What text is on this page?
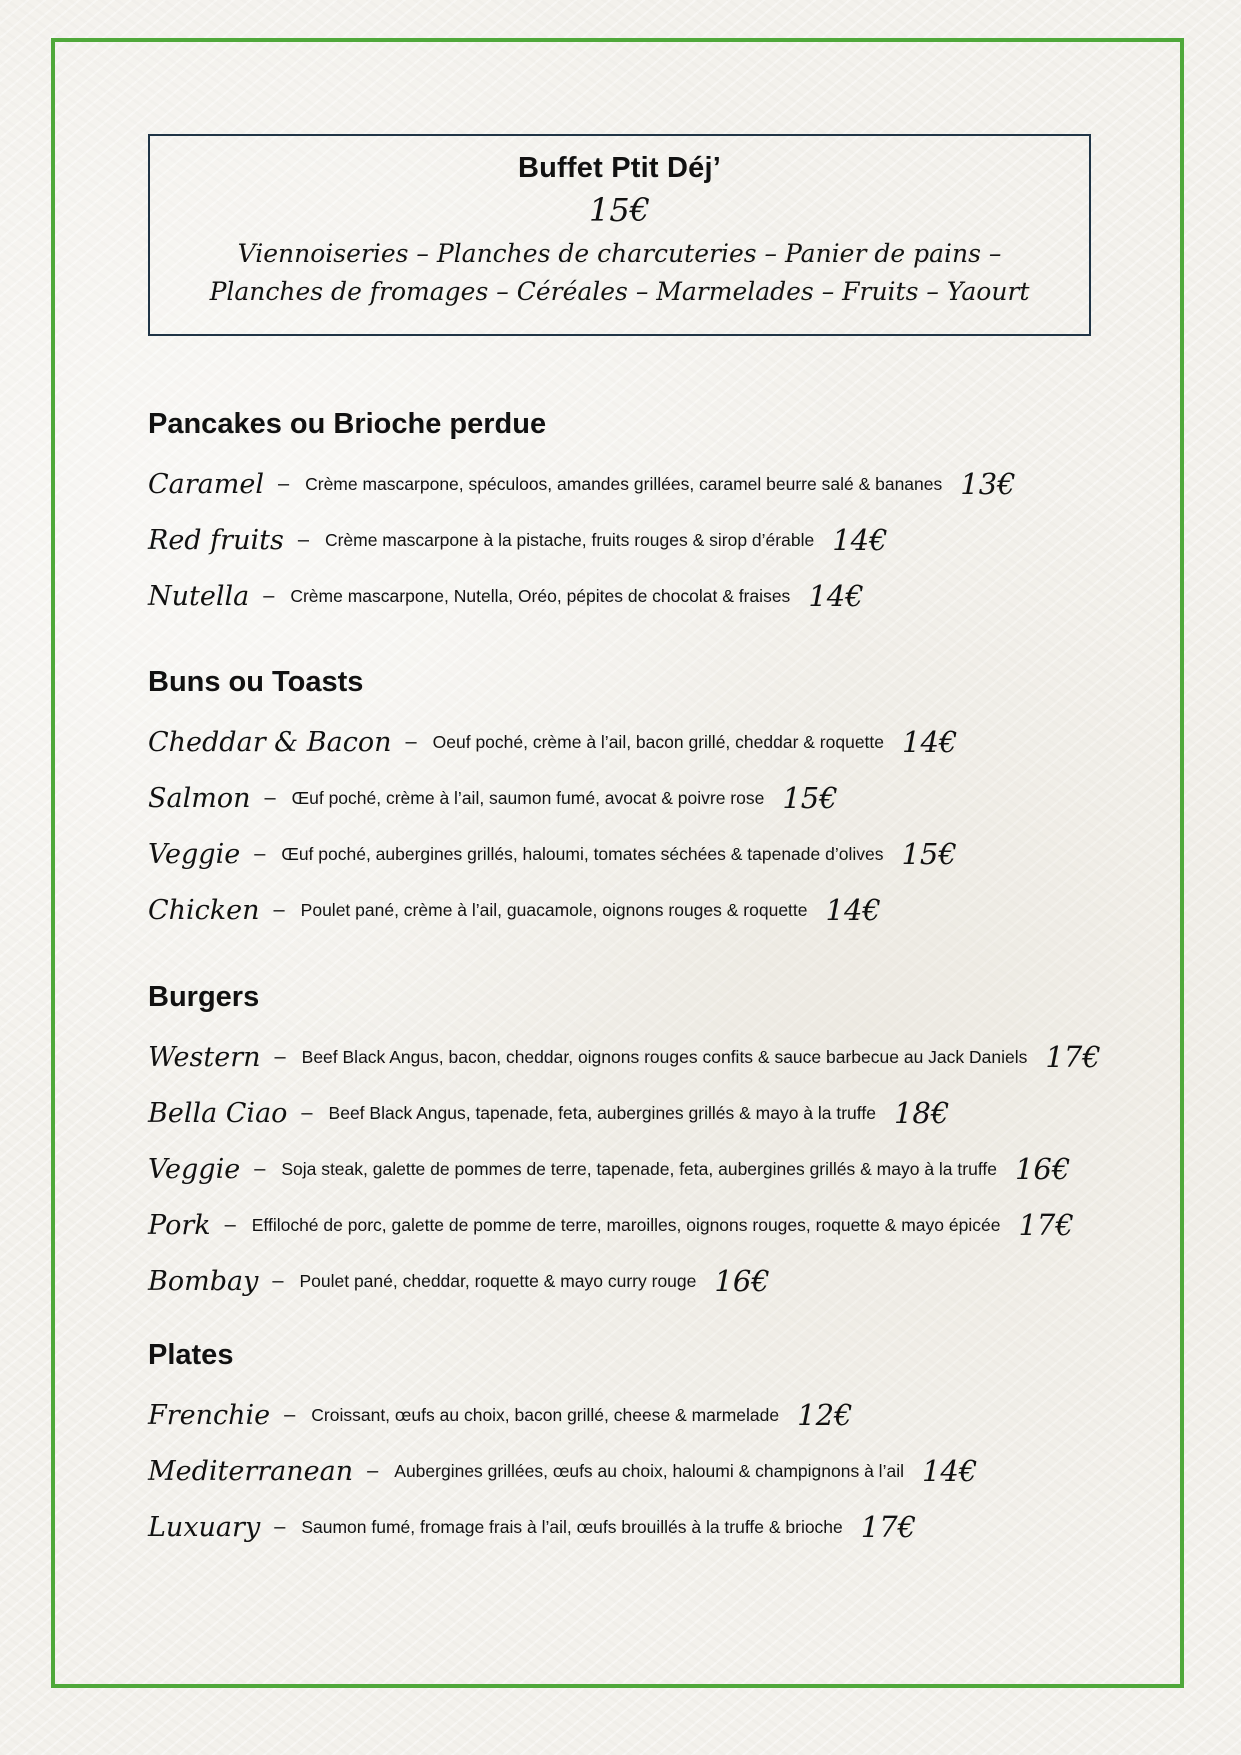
Buffet Ptit Déj’
15€
Viennoiseries – Planches de charcuteries – Panier de pains –
Planches de fromages – Céréales – Marmelades – Fruits – Yaourt
Pancakes ou Brioche perdue
Caramel – Crème mascarpone, spéculoos, amandes grillées, caramel beurre salé & bananes 13€
Red fruits – Crème mascarpone à la pistache, fruits rouges & sirop d’érable 14€
Nutella – Crème mascarpone, Nutella, Oréo, pépites de chocolat & fraises 14€
Buns ou Toasts
Cheddar & Bacon – Oeuf poché, crème à l’ail, bacon grillé, cheddar & roquette 14€
Salmon – Œuf poché, crème à l’ail, saumon fumé, avocat & poivre rose 15€
Veggie – Œuf poché, aubergines grillés, haloumi, tomates séchées & tapenade d’olives 15€
Chicken – Poulet pané, crème à l’ail, guacamole, oignons rouges & roquette 14€
Burgers
Western – Beef Black Angus, bacon, cheddar, oignons rouges confits & sauce barbecue au Jack Daniels 17€
Bella Ciao – Beef Black Angus, tapenade, feta, aubergines grillés & mayo à la truffe 18€
Veggie – Soja steak, galette de pommes de terre, tapenade, feta, aubergines grillés & mayo à la truffe 16€
Pork – Effiloché de porc, galette de pomme de terre, maroilles, oignons rouges, roquette & mayo épicée 17€
Bombay – Poulet pané, cheddar, roquette & mayo curry rouge 16€
Plates
Frenchie – Croissant, œufs au choix, bacon grillé, cheese & marmelade 12€
Mediterranean – Aubergines grillées, œufs au choix, haloumi & champignons à l’ail 14€
Luxuary – Saumon fumé, fromage frais à l’ail, œufs brouillés à la truffe & brioche 17€
